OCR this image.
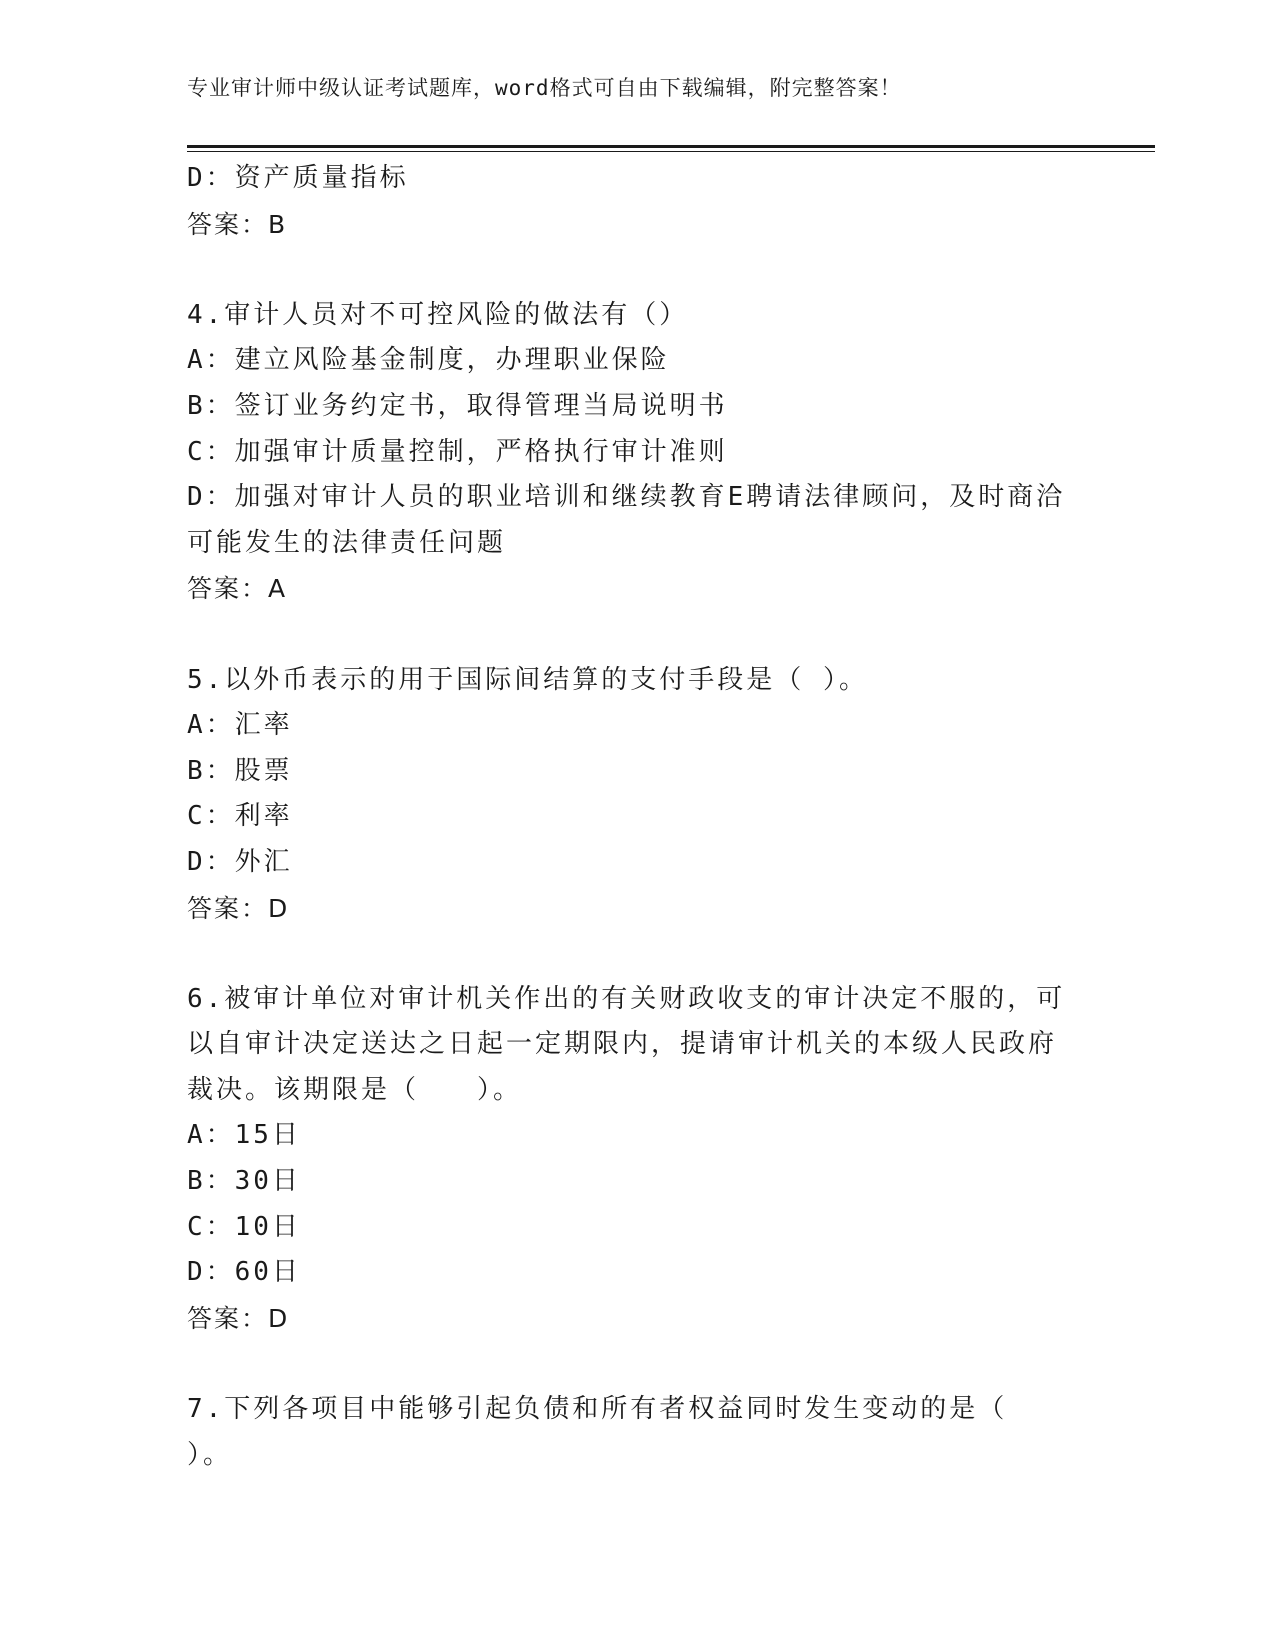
专业审计师中级认证考试题库，word格式可自由下载编辑，附完整答案！
D：资产质量指标
答案：B
4.审计人员对不可控风险的做法有（）
A：建立风险基金制度，办理职业保险
B：签订业务约定书，取得管理当局说明书
C：加强审计质量控制，严格执行审计准则
D：加强对审计人员的职业培训和继续教育E聘请法律顾问，及时商洽
可能发生的法律责任问题
答案：A
5.以外币表示的用于国际间结算的支付手段是（ ）。
A：汇率
B：股票
C：利率
D：外汇
答案：D
6.被审计单位对审计机关作出的有关财政收支的审计决定不服的，可
以自审计决定送达之日起一定期限内，提请审计机关的本级人民政府
裁决。该期限是（　　）。
A：15日
B：30日
C：10日
D：60日
答案：D
7.下列各项目中能够引起负债和所有者权益同时发生变动的是（
）。
